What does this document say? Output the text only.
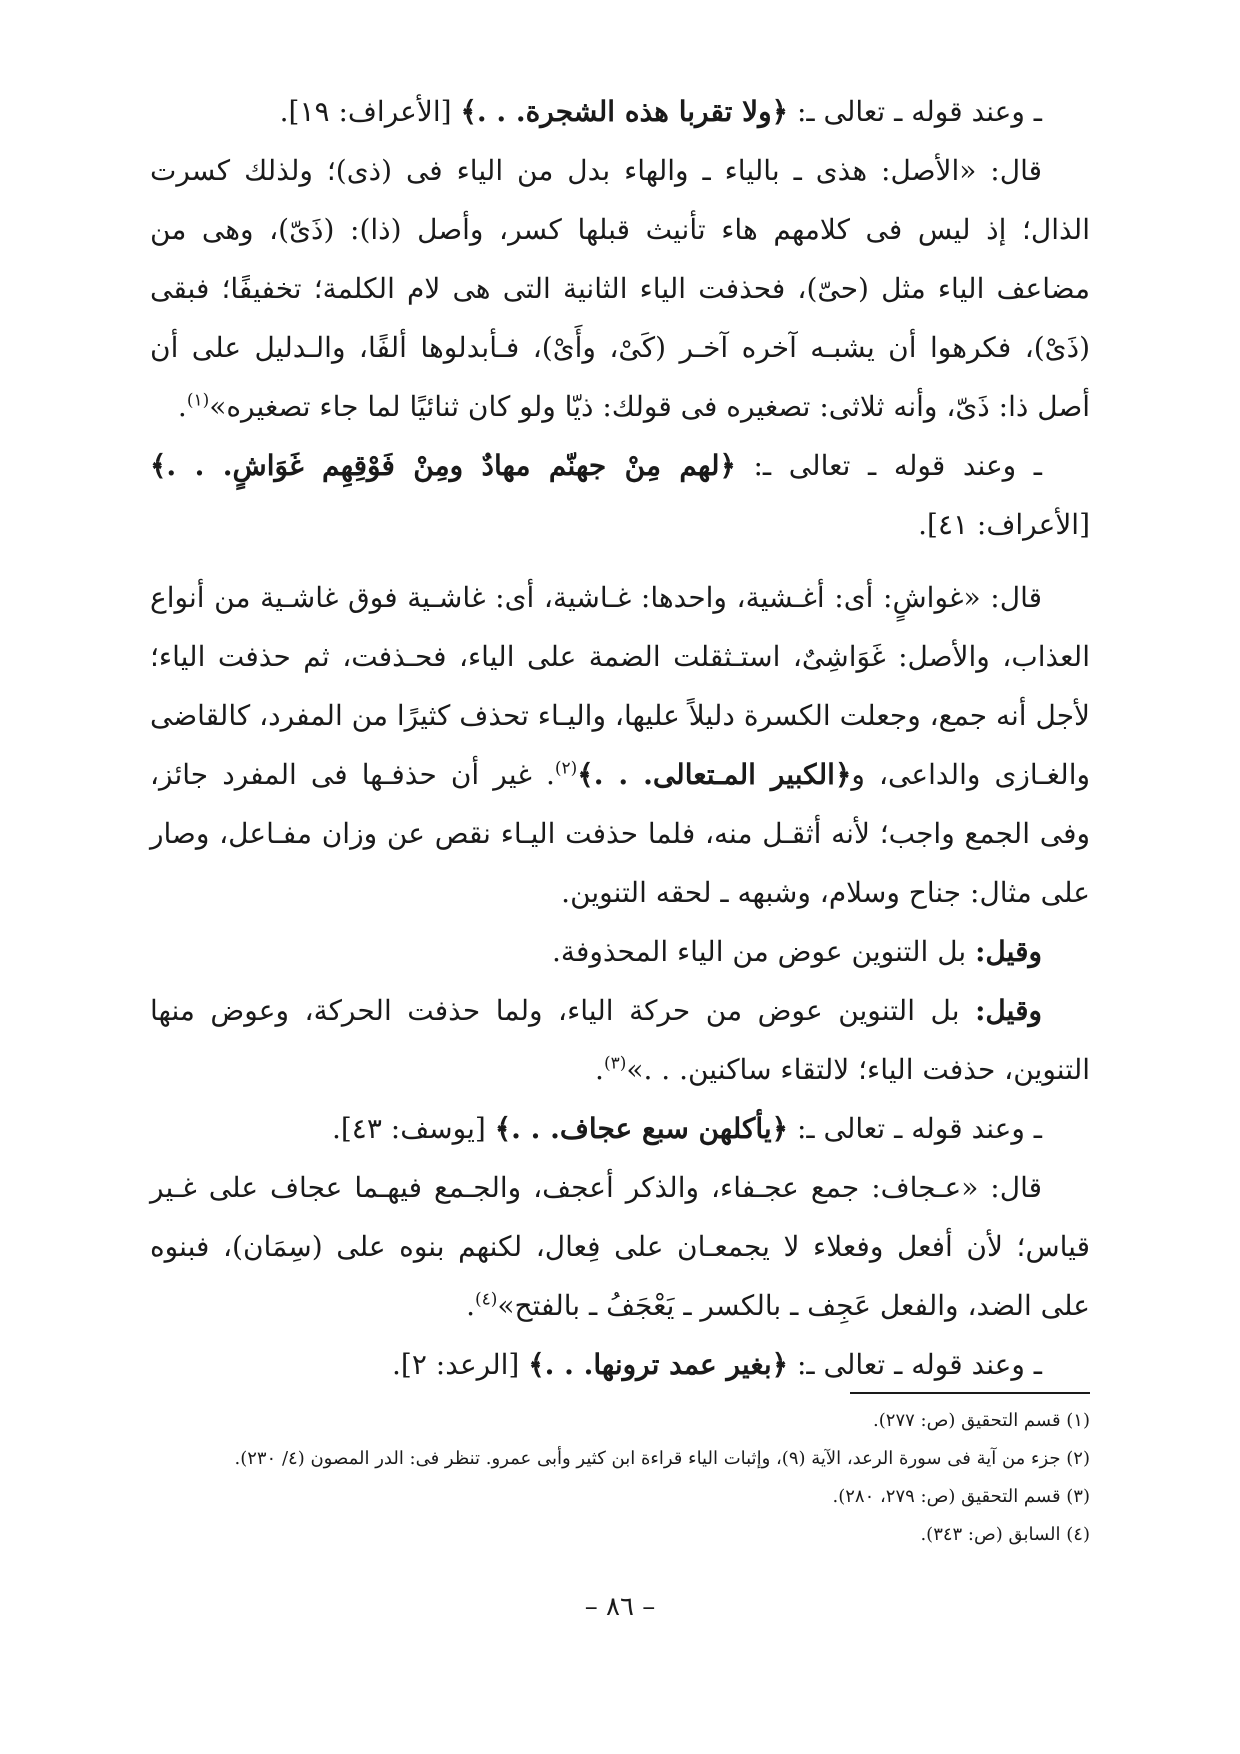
ـ وعند قوله ـ تعالى ـ: ﴿ولا تقربا هذه الشجرة. . .﴾ [الأعراف: ١٩].

قال: «الأصل: هذى ـ بالياء ـ والهاء بدل من الياء فى (ذى)؛ ولذلك كسرت الذال؛ إذ ليس فى كلامهم هاء تأنيث قبلها كسر، وأصل (ذا): (ذَىّ)، وهى من مضاعف الياء مثل (حىّ)، فحذفت الياء الثانية التى هى لام الكلمة؛ تخفيفًا؛ فبقى (ذَىْ)، فكرهوا أن يشبـه آخره آخـر (كَىْ، وأَىْ)، فـأبدلوها ألفًا، والـدليل على أن أصل ذا: ذَىّ، وأنه ثلاثى: تصغيره فى قولك: ذيّا ولو كان ثنائيًا لما جاء تصغيره»$^{(١)}$.

ـ وعند قوله ـ تعالى ـ: ﴿لهم مِنْ جهنّم مهادٌ ومِنْ فَوْقِهِم غَوَاشٍ. . .﴾ [الأعراف: ٤١].

قال: «غواشٍ: أى: أغـشية، واحدها: غـاشية، أى: غاشـية فوق غاشـية من أنواع العذاب، والأصل: غَوَاشِىٌ، استـثقلت الضمة على الياء، فحـذفت، ثم حذفت الياء؛ لأجل أنه جمع، وجعلت الكسرة دليلاً عليها، واليـاء تحذف كثيرًا من المفرد، كالقاضى والغـازى والداعى، و﴿الكبير المـتعالى. . .﴾$^{(٢)}$. غير أن حذفـها فى المفرد جائز، وفى الجمع واجب؛ لأنه أثقـل منه، فلما حذفت اليـاء نقص عن وزان مفـاعل، وصار على مثال: جناح وسلام، وشبهه ـ لحقه التنوين.

وقيل: بل التنوين عوض من الياء المحذوفة.

وقيل: بل التنوين عوض من حركة الياء، ولما حذفت الحركة، وعوض منها التنوين، حذفت الياء؛ لالتقاء ساكنين. . .»$^{(٣)}$.

ـ وعند قوله ـ تعالى ـ: ﴿يأكلهن سبع عجاف. . .﴾ [يوسف: ٤٣].

قال: «عـجاف: جمع عجـفاء، والذكر أعجف، والجـمع فيهـما عجاف على غـير قياس؛ لأن أفعل وفعلاء لا يجمعـان على فِعال، لكنهم بنوه على (سِمَان)، فبنوه على الضد، والفعل عَجِف ـ بالكسر ـ يَعْجَفُ ـ بالفتح»$^{(٤)}$.

ـ وعند قوله ـ تعالى ـ: ﴿بغير عمد ترونها. . .﴾ [الرعد: ٢].

(١) قسم التحقيق (ص: ٢٧٧).

(٢) جزء من آية فى سورة الرعد، الآية (٩)، وإثبات الياء قراءة ابن كثير وأبى عمرو. تنظر فى: الدر المصون (٤/ ٢٣٠).

(٣) قسم التحقيق (ص: ٢٧٩، ٢٨٠).

(٤) السابق (ص: ٣٤٣).

– ٨٦ –
